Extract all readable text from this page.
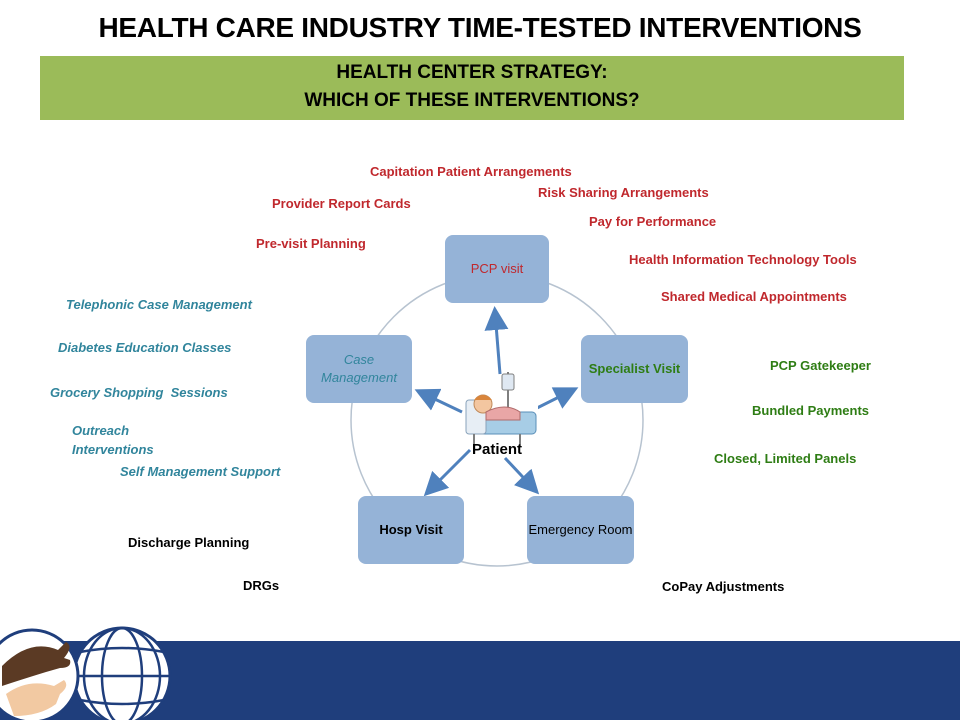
HEALTH CARE INDUSTRY TIME-TESTED INTERVENTIONS
HEALTH CENTER STRATEGY:
WHICH OF THESE INTERVENTIONS?
Patient
PCP visit
Specialist Visit
Emergency Room
Hosp Visit
Case Management
Capitation Patient Arrangements
Risk Sharing Arrangements
Provider Report Cards
Pay for Performance
Pre-visit Planning
Health Information Technology Tools
Shared Medical Appointments
Telephonic Case Management
Diabetes Education Classes
Grocery Shopping  Sessions
Outreach
Interventions
Self Management Support
PCP Gatekeeper
Bundled Payments
Closed, Limited Panels
Discharge Planning
DRGs	CoPay Adjustments
